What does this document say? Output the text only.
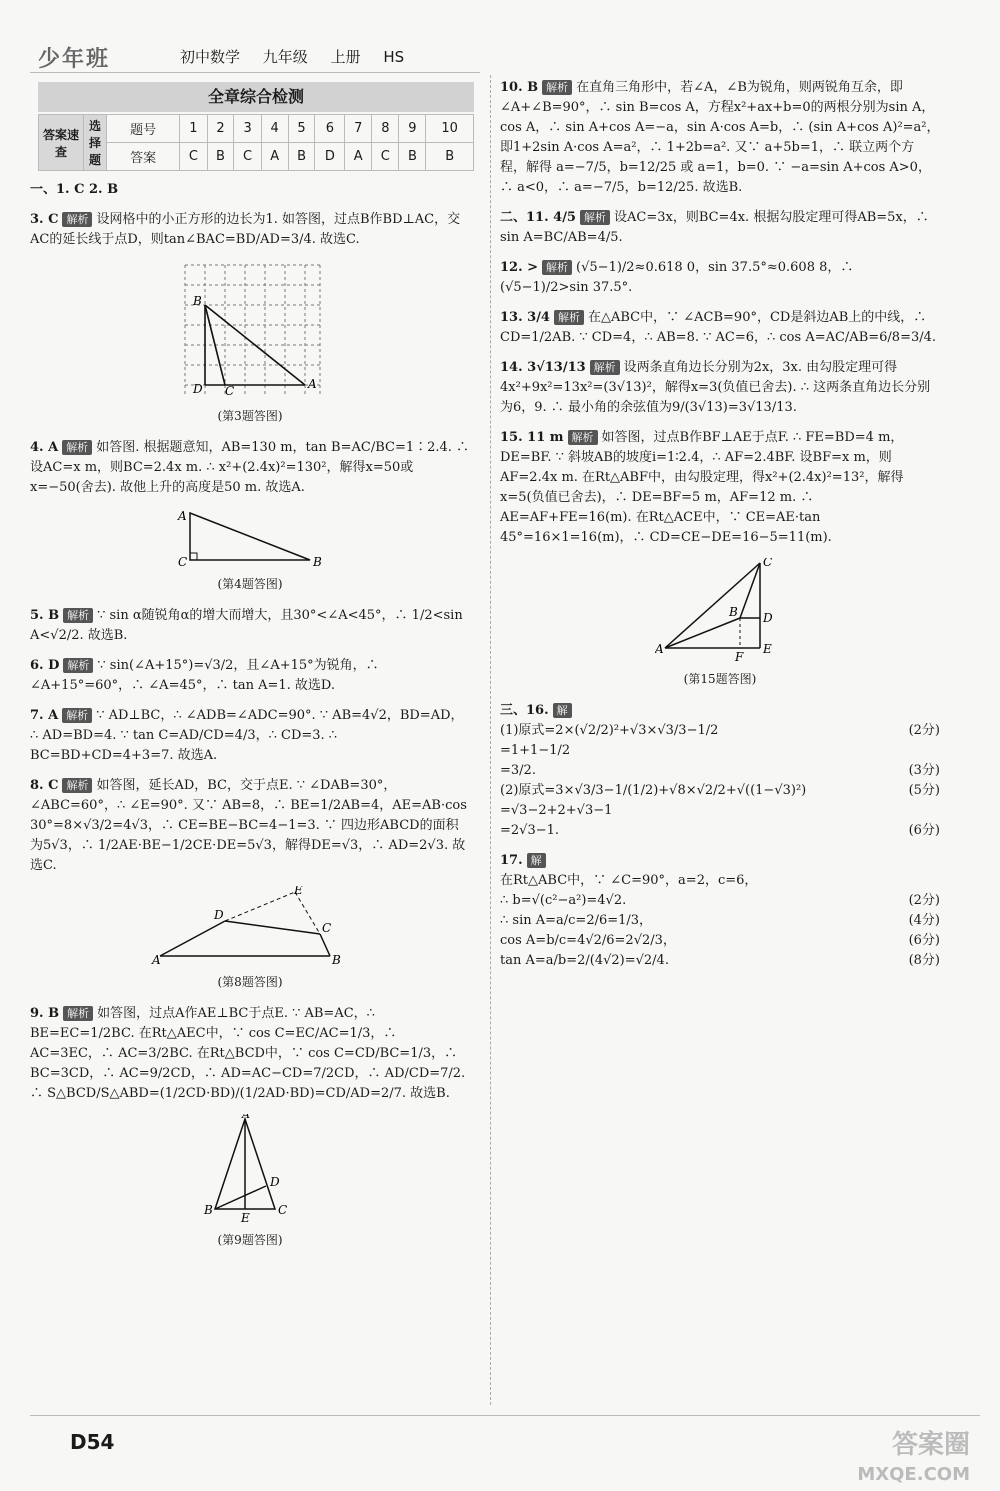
少年班	初中数学 九年级 上册 HS
全章综合检测
答案速查	选择题	题号	1	2	3	4	5	6	7	8	9	10
		答案	C	B	C	A	B	D	A	C	B	B
一、1. C 2. B
3. C 解析 设网格中的小正方形的边长为1. 如答图，过点B作BD⊥AC，交AC的延长线于点D，则tan∠BAC=BD/AD=3/4. 故选C.
B
D C	A
(第3题答图)
4. A 解析 如答图. 根据题意知，AB=130 m，tan B=AC/BC=1∶2.4. ∴ 设AC=x m，则BC=2.4x m. ∴ x²+(2.4x)²=130²，解得x=50或x=−50(舍去). 故他上升的高度是50 m. 故选A.
A
C	B
(第4题答图)
5. B 解析 ∵ sin α随锐角α的增大而增大，且30°<∠A<45°，∴ 1/2<sin A<√2/2. 故选B.
6. D 解析 ∵ sin(∠A+15°)=√3/2，且∠A+15°为锐角，∴ ∠A+15°=60°，∴ ∠A=45°，∴ tan A=1. 故选D.
7. A 解析 ∵ AD⊥BC，∴ ∠ADB=∠ADC=90°. ∵ AB=4√2，BD=AD，∴ AD=BD=4. ∵ tan C=AD/CD=4/3，∴ CD=3. ∴ BC=BD+CD=4+3=7. 故选A.
8. C 解析 如答图，延长AD，BC，交于点E. ∵ ∠DAB=30°，∠ABC=60°，∴ ∠E=90°. 又∵ AB=8，∴ BE=1/2AB=4，AE=AB·cos 30°=8×√3/2=4√3，∴ CE=BE−BC=4−1=3. ∵ 四边形ABCD的面积为5√3，∴ 1/2AE·BE−1/2CE·DE=5√3，解得DE=√3，∴ AD=2√3. 故选C.
A	B
C
D
E
(第8题答图)
9. B 解析 如答图，过点A作AE⊥BC于点E. ∵ AB=AC，∴ BE=EC=1/2BC. 在Rt△AEC中，∵ cos C=EC/AC=1/3，∴ AC=3EC，∴ AC=3/2BC. 在Rt△BCD中，∵ cos C=CD/BC=1/3，∴ BC=3CD，∴ AC=9/2CD，∴ AD=AC−CD=7/2CD，∴ AD/CD=7/2. ∴ S△BCD/S△ABD=(1/2CD·BD)/(1/2AD·BD)=CD/AD=2/7. 故选B.
A
B	C
D
E
(第9题答图)
10. B 解析 在直角三角形中，若∠A，∠B为锐角，则两锐角互余，即∠A+∠B=90°，∴ sin B=cos A，方程x²+ax+b=0的两根分别为sin A，cos A，∴ sin A+cos A=−a，sin A·cos A=b，∴ (sin A+cos A)²=a²，即1+2sin A·cos A=a²，∴ 1+2b=a². 又∵ a+5b=1，∴ 联立两个方程，解得 a=−7/5，b=12/25 或 a=1，b=0. ∵ −a=sin A+cos A>0，∴ a<0，∴ a=−7/5，b=12/25. 故选B.
二、11. 4/5 解析 设AC=3x，则BC=4x. 根据勾股定理可得AB=5x，∴ sin A=BC/AB=4/5.
12. > 解析 (√5−1)/2≈0.618 0，sin 37.5°≈0.608 8，∴ (√5−1)/2>sin 37.5°.
13. 3/4 解析 在△ABC中，∵ ∠ACB=90°，CD是斜边AB上的中线，∴ CD=1/2AB. ∵ CD=4，∴ AB=8. ∵ AC=6，∴ cos A=AC/AB=6/8=3/4.
14. 3√13/13 解析 设两条直角边长分别为2x，3x. 由勾股定理可得4x²+9x²=13x²=(3√13)²，解得x=3(负值已舍去). ∴ 这两条直角边长分别为6，9. ∴ 最小角的余弦值为9/(3√13)=3√13/13.
15. 11 m 解析 如答图，过点B作BF⊥AE于点F. ∴ FE=BD=4 m，DE=BF. ∵ 斜坡AB的坡度i=1∶2.4，∴ AF=2.4BF. 设BF=x m，则AF=2.4x m. 在Rt△ABF中，由勾股定理，得x²+(2.4x)²=13²，解得x=5(负值已舍去)，∴ DE=BF=5 m，AF=12 m. ∴ AE=AF+FE=16(m). 在Rt△ACE中，∵ CE=AE·tan 45°=16×1=16(m)，∴ CD=CE−DE=16−5=11(m).
A
B
C
D
E
F
(第15题答图)
三、16. 解
(1)原式=2×(√2/2)²+√3×√3/3−1/2	(2分)
=1+1−1/2
=3/2.	(3分)
(2)原式=3×√3/3−1/(1/2)+√8×√2/2+√((1−√3)²)	(5分)
=√3−2+2+√3−1
=2√3−1.	(6分)
17. 解
在Rt△ABC中，∵ ∠C=90°，a=2，c=6，
∴ b=√(c²−a²)=4√2.	(2分)
∴ sin A=a/c=2/6=1/3，	(4分)
cos A=b/c=4√2/6=2√2/3，	(6分)
tan A=a/b=2/(4√2)=√2/4.	(8分)
D54	答案圈
MXQE.COM
